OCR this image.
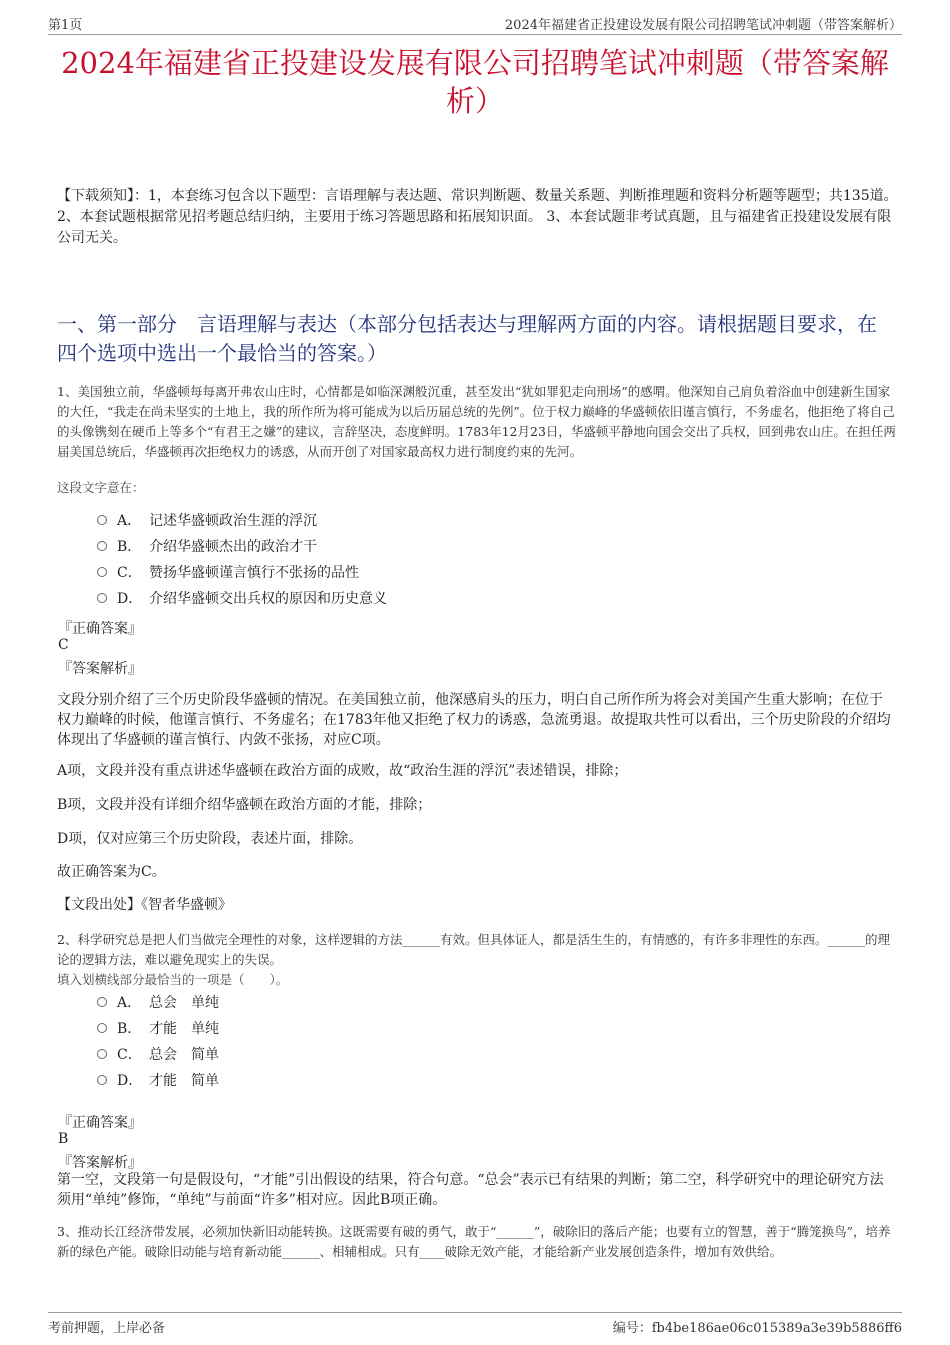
第1页	2024年福建省正投建设发展有限公司招聘笔试冲刺题（带答案解析）
2024年福建省正投建设发展有限公司招聘笔试冲刺题（带答案解析）
【下载须知】：1，本套练习包含以下题型：言语理解与表达题、常识判断题、数量关系题、判断推理题和资料分析题等题型；共135道。 2、本套试题根据常见招考题总结归纳，主要用于练习答题思路和拓展知识面。 3、本套试题非考试真题，且与福建省正投建设发展有限公司无关。
一、第一部分　言语理解与表达（本部分包括表达与理解两方面的内容。请根据题目要求，在四个选项中选出一个最恰当的答案。）
1、美国独立前，华盛顿每每离开弗农山庄时，心情都是如临深渊般沉重，甚至发出“犹如罪犯走向刑场”的感喟。他深知自己肩负着浴血中创建新生国家的大任，“我走在尚未坚实的土地上，我的所作所为将可能成为以后历届总统的先例”。位于权力巅峰的华盛顿依旧谨言慎行，不务虚名，他拒绝了将自己的头像镌刻在硬币上等多个“有君王之嫌”的建议，言辞坚决，态度鲜明。1783年12月23日，华盛顿平静地向国会交出了兵权，回到弗农山庄。在担任两届美国总统后，华盛顿再次拒绝权力的诱惑，从而开创了对国家最高权力进行制度约束的先河。
这段文字意在：
A． 记述华盛顿政治生涯的浮沉
B． 介绍华盛顿杰出的政治才干
C． 赞扬华盛顿谨言慎行不张扬的品性
D． 介绍华盛顿交出兵权的原因和历史意义
『正确答案』
C
『答案解析』
文段分别介绍了三个历史阶段华盛顿的情况。在美国独立前，他深感肩头的压力，明白自己所作所为将会对美国产生重大影响；在位于权力巅峰的时候，他谨言慎行、不务虚名；在1783年他又拒绝了权力的诱惑，急流勇退。故提取共性可以看出，三个历史阶段的介绍均体现出了华盛顿的谨言慎行、内敛不张扬，对应C项。
A项，文段并没有重点讲述华盛顿在政治方面的成败，故“政治生涯的浮沉”表述错误，排除；
B项，文段并没有详细介绍华盛顿在政治方面的才能，排除；
D项，仅对应第三个历史阶段，表述片面，排除。
故正确答案为C。
【文段出处】《智者华盛顿》
2、科学研究总是把人们当做完全理性的对象，这样逻辑的方法______有效。但具体证人，都是活生生的，有情感的，有许多非理性的东西。______的理论的逻辑方法，难以避免现实上的失误。
填入划横线部分最恰当的一项是（　　）。
A． 总会　单纯
B． 才能　单纯
C． 总会　简单
D． 才能　简单
『正确答案』
B
『答案解析』
第一空，文段第一句是假设句，“才能”引出假设的结果，符合句意。“总会”表示已有结果的判断；第二空，科学研究中的理论研究方法须用“单纯”修饰，“单纯”与前面“许多”相对应。因此B项正确。
3、推动长江经济带发展，必须加快新旧动能转换。这既需要有破的勇气，敢于“______”，破除旧的落后产能；也要有立的智慧，善于“腾笼换鸟”，培养新的绿色产能。破除旧动能与培育新动能______、相辅相成。只有____破除无效产能，才能给新产业发展创造条件，增加有效供给。
考前押题，上岸必备	编号：fb4be186ae06c015389a3e39b5886ff6
